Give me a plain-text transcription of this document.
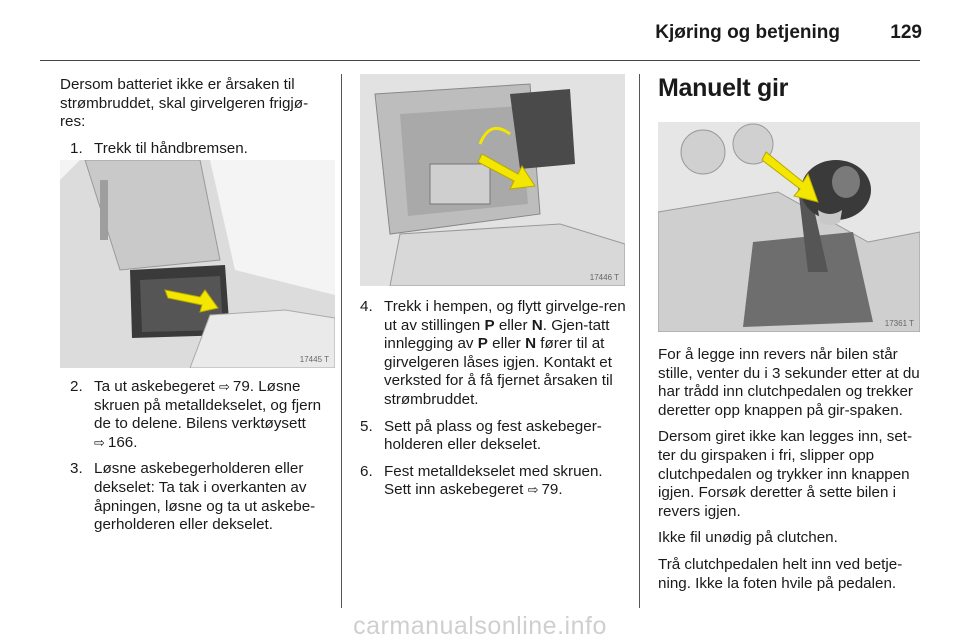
Kjøring og betjening	129

Dersom batteriet ikke er årsaken til strømbruddet, skal girvelgeren frigjø-res:

1. Trekk til håndbremsen.
17445 T
2. Ta ut askebegeret ⇨ 79. Løsne skruen på metalldekselet, og fjern de to delene. Bilens verktøysett ⇨ 166.
3. Løsne askebegerholderen eller dekselet: Ta tak i overkanten av åpningen, løsne og ta ut askebe-gerholderen eller dekselet.
17446 T
4. Trekk i hempen, og flytt girvelge-ren ut av stillingen P eller N. Gjen-tatt innlegging av P eller N fører til at girvelgeren låses igjen. Kontakt et verksted for å få fjernet årsaken til strømbruddet.
5. Sett på plass og fest askebeger-holderen eller dekselet.
6. Fest metalldekselet med skruen. Sett inn askebegeret ⇨ 79.
Manuelt gir
17361 T

For å legge inn revers når bilen står stille, venter du i 3 sekunder etter at du har trådd inn clutchpedalen og trekker deretter opp knappen på gir-spaken.

Dersom giret ikke kan legges inn, set-ter du girspaken i fri, slipper opp clutchpedalen og trykker inn knappen igjen. Forsøk deretter å sette bilen i revers igjen.

Ikke fil unødig på clutchen.

Trå clutchpedalen helt inn ved betje-ning. Ikke la foten hvile på pedalen.

carmanualsonline.info
